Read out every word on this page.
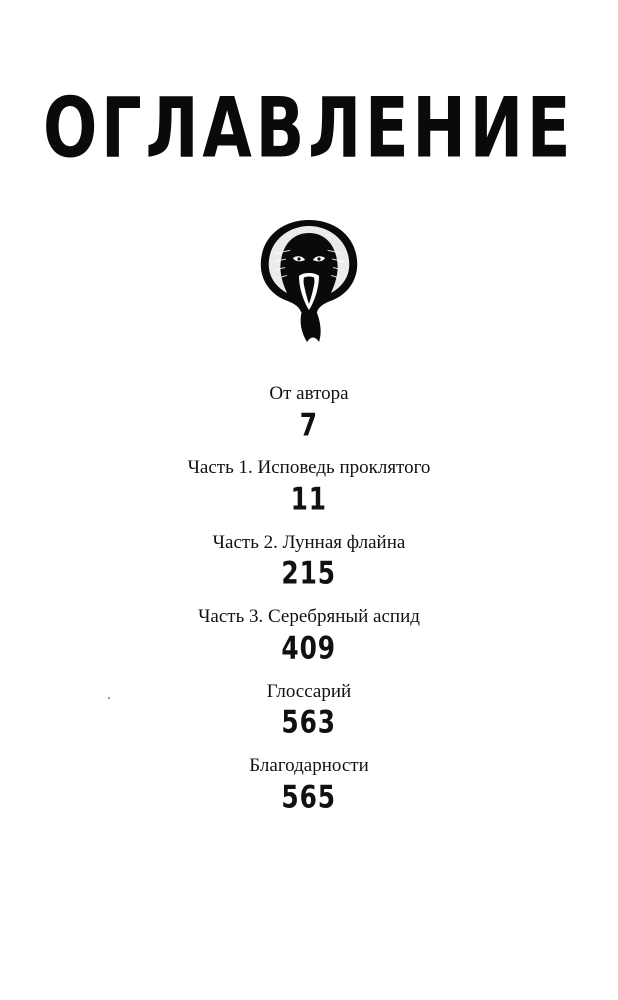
ОГЛАВЛЕНИЕ
От автора
7
Часть 1. Исповедь проклятого
11
Часть 2. Лунная флайна
215
Часть 3. Серебряный аспид
409
Глоссарий
563
Благодарности
565
